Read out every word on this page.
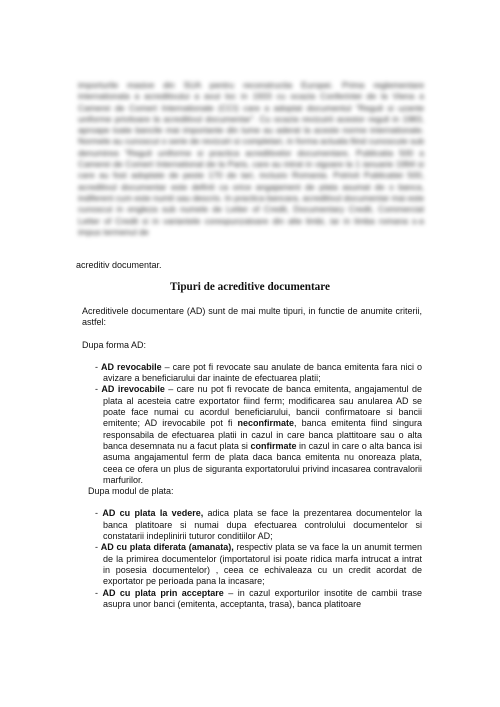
importurile masive din SUA pentru reconstructia Europei. Prima reglementare internationala a acreditivului a avut loc in 1933 cu ocazia Conferintei de la Viena a Camerei de Comert Internationale (CCI) care a adoptat documentul "Reguli si uzante uniforme privitoare la acreditivul documentar". Cu ocazia revizuirii acestor reguli in 1983, aproape toate bancile mai importante din lume au aderat la aceste norme internationale. Normele au cunoscut o serie de revizuiri si completari, in forma actuala fiind cunoscute sub denumirea "Reguli uniforme si practica acreditivelor documentare, Publicatia 500 a Camerei de Comert International de la Paris, care au intrat in vigoare la 1 ianuarie 1994 si care au fost adoptate de peste 170 de tari, inclusiv Romania. Potrivit Publicatiei 500, acreditivul documentar este definit ca orice angajament de plata asumat de o banca, indiferent cum este numit sau descris. In practica bancara, acreditivul documentar mai este cunoscut in engleza sub numele de Letter of Credit, Documentary Credit, Commercial Letter of Credit si in variantele corespunzatoare din alte limbi, iar in limba romana s-a impus termenul de

acreditiv documentar.
Tipuri de acreditive documentare

Acreditivele documentare (AD) sunt de mai multe tipuri, in functie de anumite criterii, astfel:

Dupa forma AD:

- AD revocabile – care pot fi revocate sau anulate de banca emitenta fara nici o avizare a beneficiarului dar inainte de efectuarea platii;
- AD irevocabile – care nu pot fi revocate de banca emitenta, angajamentul de plata al acesteia catre exportator fiind ferm; modificarea sau anularea AD se poate face numai cu acordul beneficiarului, bancii confirmatoare si bancii emitente; AD irevocabile pot fi neconfirmate, banca emitenta fiind singura responsabila de efectuarea platii in cazul in care banca plattitoare sau o alta banca desemnata nu a facut plata si confirmate in cazul in care o alta banca isi asuma angajamentul ferm de plata daca banca emitenta nu onoreaza plata, ceea ce ofera un plus de siguranta exportatorului privind incasarea contravalorii marfurilor.

Dupa modul de plata:

- AD cu plata la vedere, adica plata se face la prezentarea documentelor la banca platitoare si numai dupa efectuarea controlului documentelor si constatarii indeplinirii tuturor conditiilor AD;
- AD cu plata diferata (amanata), respectiv plata se va face la un anumit termen de la primirea documentelor (importatorul isi poate ridica marfa intrucat a intrat in posesia documentelor) , ceea ce echivaleaza cu un credit acordat de exportator pe perioada pana la incasare;
- AD cu plata prin acceptare – in cazul exporturilor insotite de cambii trase asupra unor banci (emitenta, acceptanta, trasa), banca platitoare
